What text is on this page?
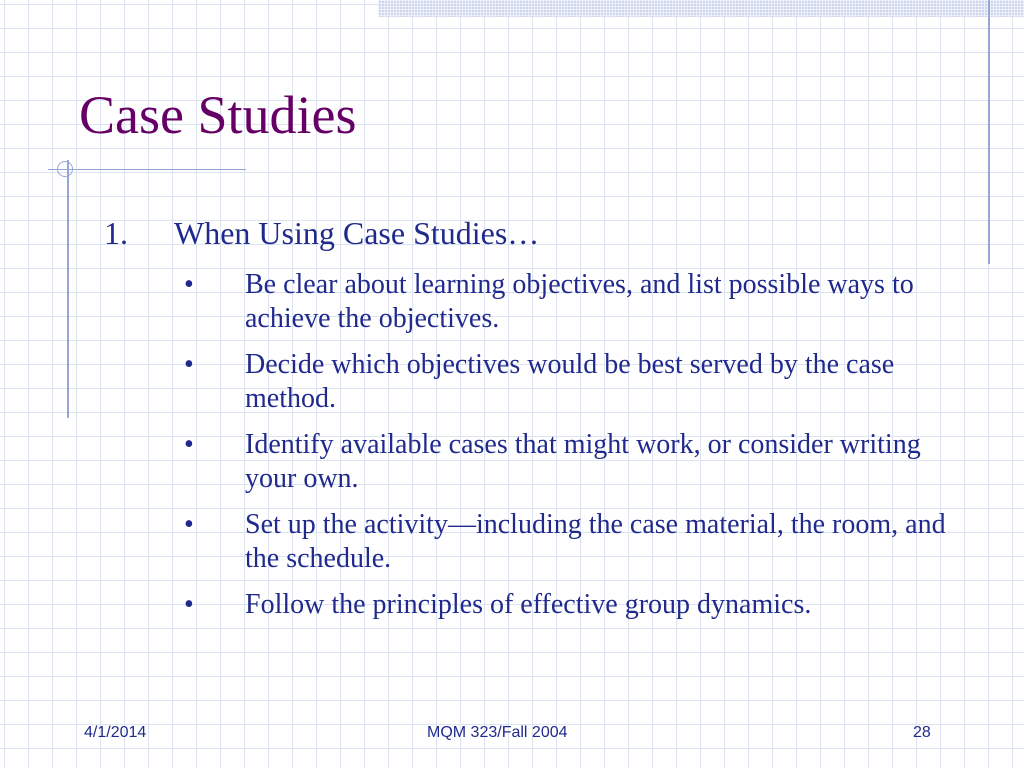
Case Studies
1. When Using Case Studies…
• Be clear about learning objectives, and list possible ways to achieve the objectives.
• Decide which objectives would be best served by the case method.
• Identify available cases that might work, or consider writing your own.
• Set up the activity—including the case material, the room, and the schedule.
• Follow the principles of effective group dynamics.
4/1/2014	MQM 323/Fall 2004	28
